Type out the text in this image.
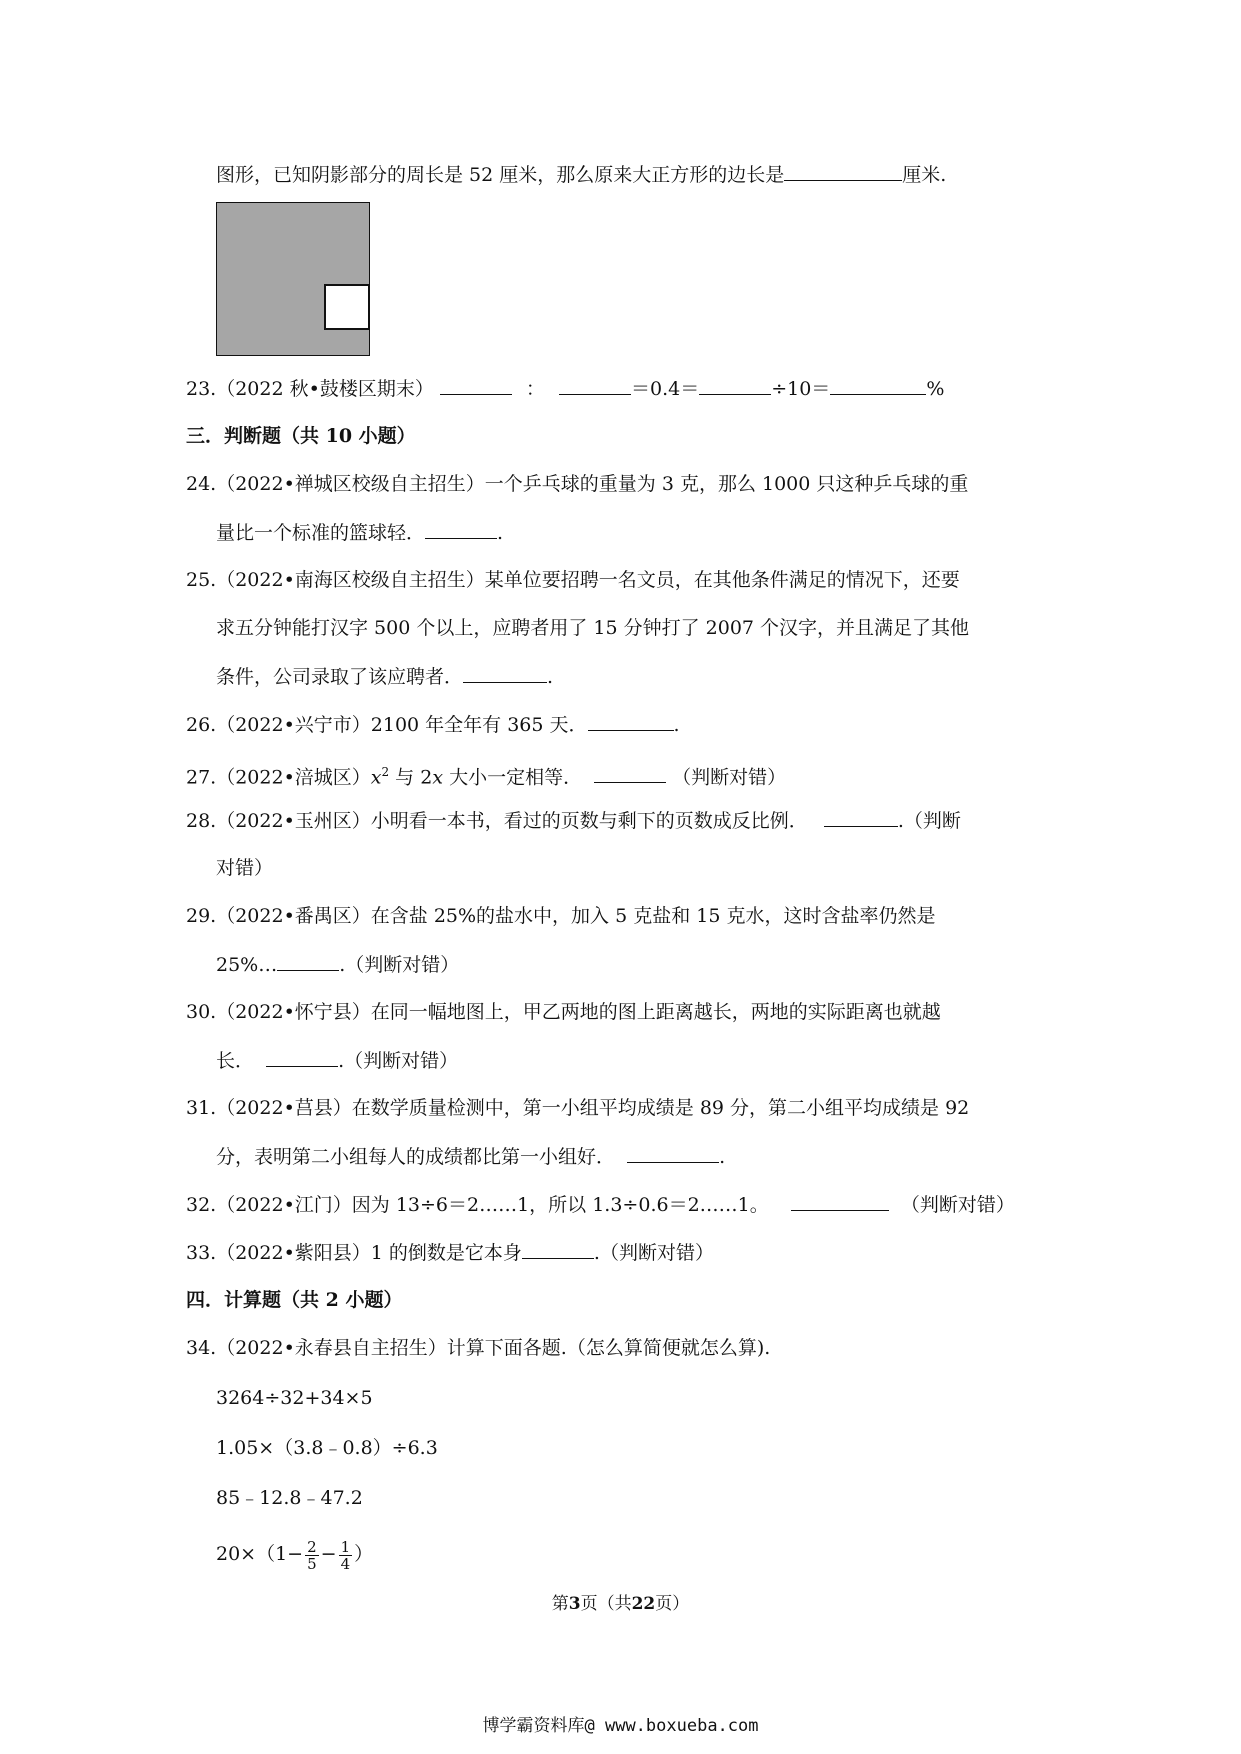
图形，已知阴影部分的周长是 52 厘米，那么原来大正方形的边长是	厘米.
23.（2022 秋•鼓楼区期末）	：	＝0.4＝	÷10＝	%
三．判断题（共 10 小题）
24.（2022•禅城区校级自主招生）一个乒乓球的重量为 3 克，那么 1000 只这种乒乓球的重
量比一个标准的篮球轻．	.
25.（2022•南海区校级自主招生）某单位要招聘一名文员，在其他条件满足的情况下，还要
求五分钟能打汉字 500 个以上，应聘者用了 15 分钟打了 2007 个汉字，并且满足了其他
条件，公司录取了该应聘者．	.
26.（2022•兴宁市）2100 年全年有 365 天．	.
27.（2022•涪城区）$x^2$ 与 2x 大小一定相等．	（判断对错）
28.（2022•玉州区）小明看一本书，看过的页数与剩下的页数成反比例．	.（判断
对错）
29.（2022•番禺区）在含盐 25%的盐水中，加入 5 克盐和 15 克水，这时含盐率仍然是
25%…	.（判断对错）
30.（2022•怀宁县）在同一幅地图上，甲乙两地的图上距离越长，两地的实际距离也就越
长．	.（判断对错）
31.（2022•莒县）在数学质量检测中，第一小组平均成绩是 89 分，第二小组平均成绩是 92
分，表明第二小组每人的成绩都比第一小组好．	.
32.（2022•江门）因为 13÷6＝2……1，所以 1.3÷0.6＝2……1。	（判断对错）
33.（2022•紫阳县）1 的倒数是它本身	.（判断对错）
四．计算题（共 2 小题）
34.（2022•永春县自主招生）计算下面各题.（怎么算简便就怎么算).
3264÷32+34×5
1.05×（3.8﹣0.8）÷6.3
85﹣12.8﹣47.2
$20\times(1- \frac{2}{5} - \frac{1}{4}$ ）
第3页（共22页）
博学霸资料库@ www.boxueba.com
